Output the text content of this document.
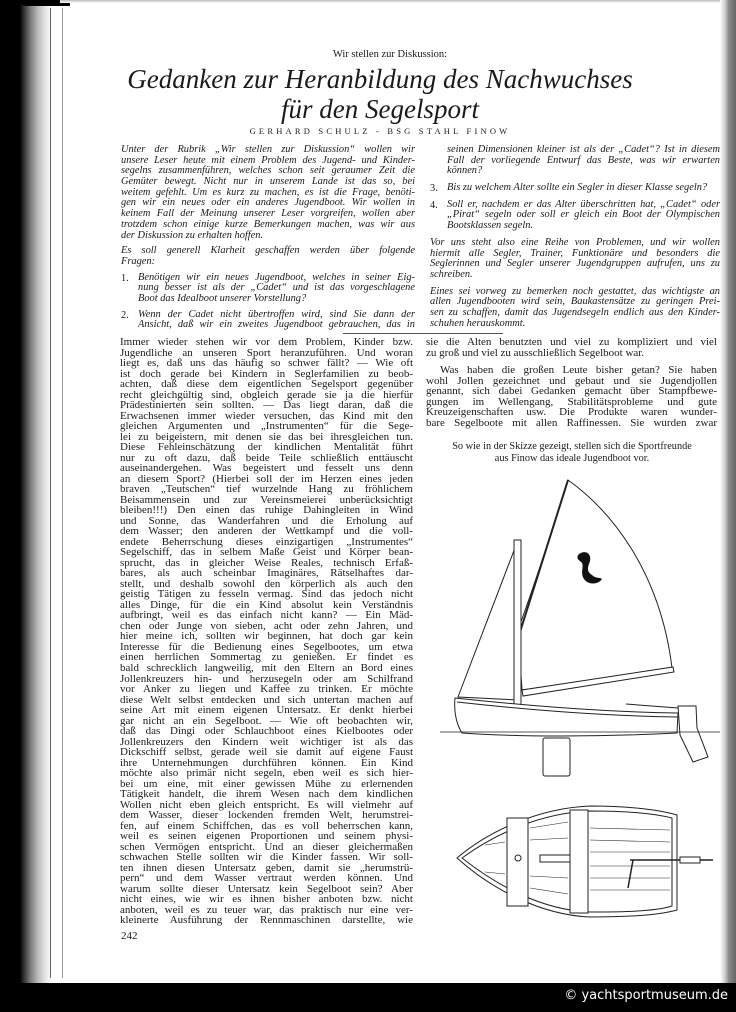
Wir stellen zur Diskussion:
Gedanken zur Heranbildung des Nachwuchses
für den Segelsport
GERHARD SCHULZ - BSG STAHL FINOW
Unter der Rubrik „Wir stellen zur Diskussion“ wollen wir
unsere Leser heute mit einem Problem des Jugend- und Kinder-
segelns zusammenführen, welches schon seit geraumer Zeit die
Gemüter bewegt. Nicht nur in unserem Lande ist das so, bei
weitem gefehlt. Um es kurz zu machen, es ist die Frage, benöti-
gen wir ein neues oder ein anderes Jugendboot. Wir wollen in
keinem Fall der Meinung unserer Leser vorgreifen, wollen aber
trotzdem schon einige kurze Bemerkungen machen, was wir aus
der Diskussion zu erhalten hoffen.
Es soll generell Klarheit geschaffen werden über folgende
Fragen:
1. Benötigen wir ein neues Jugendboot, welches in seiner Eig-
nung besser ist als der „Cadet“ und ist das vorgeschlagene
Boot das Idealboot unserer Vorstellung?
2. Wenn der Cadet nicht übertroffen wird, sind Sie dann der
Ansicht, daß wir ein zweites Jugendboot gebrauchen, das in
seinen Dimensionen kleiner ist als der „Cadet“? Ist in diesem
Fall der vorliegende Entwurf das Beste, was wir erwarten
können?
3. Bis zu welchem Alter sollte ein Segler in dieser Klasse segeln?
4. Soll er, nachdem er das Alter überschritten hat, „Cadet“ oder
„Pirat“ segeln oder soll er gleich ein Boot der Olympischen
Bootsklassen segeln.
Vor uns steht also eine Reihe von Problemen, und wir wollen
hiermit alle Segler, Trainer, Funktionäre und besonders die
Seglerinnen und Segler unserer Jugendgruppen aufrufen, uns zu
schreiben.
Eines sei vorweg zu bemerken noch gestattet, das wichtigste an
allen Jugendbooten wird sein, Baukastensätze zu geringen Prei-
sen zu schaffen, damit das Jugendsegeln endlich aus den Kinder-
schuhen herauskommt.
Immer wieder stehen wir vor dem Problem, Kinder bzw.
Jugendliche an unseren Sport heranzuführen. Und woran
liegt es, daß uns das häufig so schwer fällt? — Wie oft
ist doch gerade bei Kindern in Seglerfamilien zu beob-
achten, daß diese dem eigentlichen Segelsport gegenüber
recht gleichgültig sind, obgleich gerade sie ja die hierfür
Prädestinierten sein sollten. — Das liegt daran, daß die
Erwachsenen immer wieder versuchen, das Kind mit den
gleichen Argumenten und „Instrumenten“ für die Sege-
lei zu beigeistern, mit denen sie das bei ihresgleichen tun.
Diese Fehleinschätzung der kindlichen Mentalität führt
nur zu oft dazu, daß beide Teile schließlich enttäuscht
auseinandergehen. Was begeistert und fesselt uns denn
an diesem Sport? (Hierbei soll der im Herzen eines jeden
braven „Teutschen“ tief wurzelnde Hang zu fröhlichem
Beisammensein und zur Vereinsmeierei unberücksichtigt
bleiben!!!) Den einen das ruhige Dahingleiten in Wind
und Sonne, das Wanderfahren und die Erholung auf
dem Wasser; den anderen der Wettkampf und die voll-
endete Beherrschung dieses einzigartigen „Instrumentes“
Segelschiff, das in selbem Maße Geist und Körper bean-
sprucht, das in gleicher Weise Reales, technisch Erfaß-
bares, als auch scheinbar Imaginäres, Rätselhaftes dar-
stellt, und deshalb sowohl den körperlich als auch den
geistig Tätigen zu fesseln vermag. Sind das jedoch nicht
alles Dinge, für die ein Kind absolut kein Verständnis
aufbringt, weil es das einfach nicht kann? — Ein Mäd-
chen oder Junge von sieben, acht oder zehn Jahren, und
hier meine ich, sollten wir beginnen, hat doch gar kein
Interesse für die Bedienung eines Segelbootes, um etwa
einen herrlichen Sommertag zu genießen. Er findet es
bald schrecklich langweilig, mit den Eltern an Bord eines
Jollenkreuzers hin- und herzusegeln oder am Schilfrand
vor Anker zu liegen und Kaffee zu trinken. Er möchte
diese Welt selbst entdecken und sich untertan machen auf
seine Art mit einem eigenen Untersatz. Er denkt hierbei
gar nicht an ein Segelboot. — Wie oft beobachten wir,
daß das Dingi oder Schlauchboot eines Kielbootes oder
Jollenkreuzers den Kindern weit wichtiger ist als das
Dickschiff selbst, gerade weil sie damit auf eigene Faust
ihre Unternehmungen durchführen können. Ein Kind
möchte also primär nicht segeln, eben weil es sich hier-
bei um eine, mit einer gewissen Mühe zu erlernenden
Tätigkeit handelt, die ihrem Wesen nach dem kindlichen
Wollen nicht eben gleich entspricht. Es will vielmehr auf
dem Wasser, dieser lockenden fremden Welt, herumstrei-
fen, auf einem Schiffchen, das es voll beherrschen kann,
weil es seinen eigenen Proportionen und seinem physi-
schen Vermögen entspricht. Und an dieser gleichermaßen
schwachen Stelle sollten wir die Kinder fassen. Wir soll-
ten ihnen diesen Untersatz geben, damit sie „herumstrü-
pern“ und dem Wasser vertraut werden können. Und
warum sollte dieser Untersatz kein Segelboot sein? Aber
nicht eines, wie wir es ihnen bisher anboten bzw. nicht
anboten, weil es zu teuer war, das praktisch nur eine ver-
kleinerte Ausführung der Rennmaschinen darstellte, wie
sie die Alten benutzten und viel zu kompliziert und viel
zu groß und viel zu ausschließlich Segelboot war.
Was haben die großen Leute bisher getan? Sie haben
wohl Jollen gezeichnet und gebaut und sie Jugendjollen
genannt, sich dabei Gedanken gemacht über Stampfbewe-
gungen im Wellengang, Stabilitätsprobleme und gute
Kreuzeigenschaften usw. Die Produkte waren wunder-
bare Segelboote mit allen Raffinessen. Sie wurden zwar
So wie in der Skizze gezeigt, stellen sich die Sportfreunde
aus Finow das ideale Jugendboot vor.
242
© yachtsportmuseum.de
